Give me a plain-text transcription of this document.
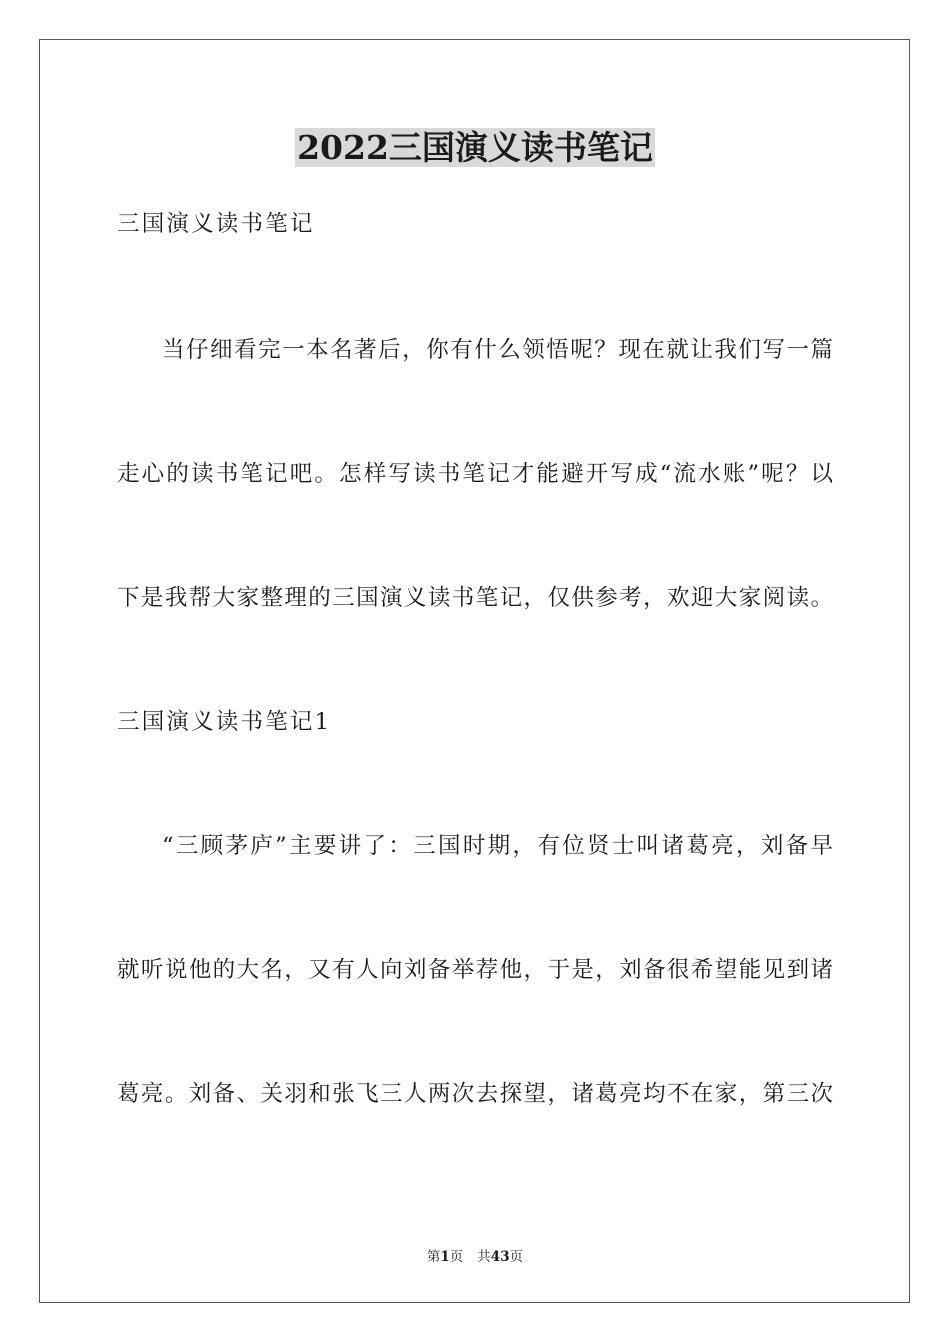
2022三国演义读书笔记

三国演义读书笔记

当仔细看完一本名著后，你有什么领悟呢？现在就让我们写一篇

走心的读书笔记吧。怎样写读书笔记才能避开写成“流水账”呢？以

下是我帮大家整理的三国演义读书笔记，仅供参考，欢迎大家阅读。

三国演义读书笔记1

“三顾茅庐”主要讲了：三国时期，有位贤士叫诸葛亮，刘备早

就听说他的大名，又有人向刘备举荐他，于是，刘备很希望能见到诸

葛亮。刘备、关羽和张飞三人两次去探望，诸葛亮均不在家，第三次

第1页 共43页
